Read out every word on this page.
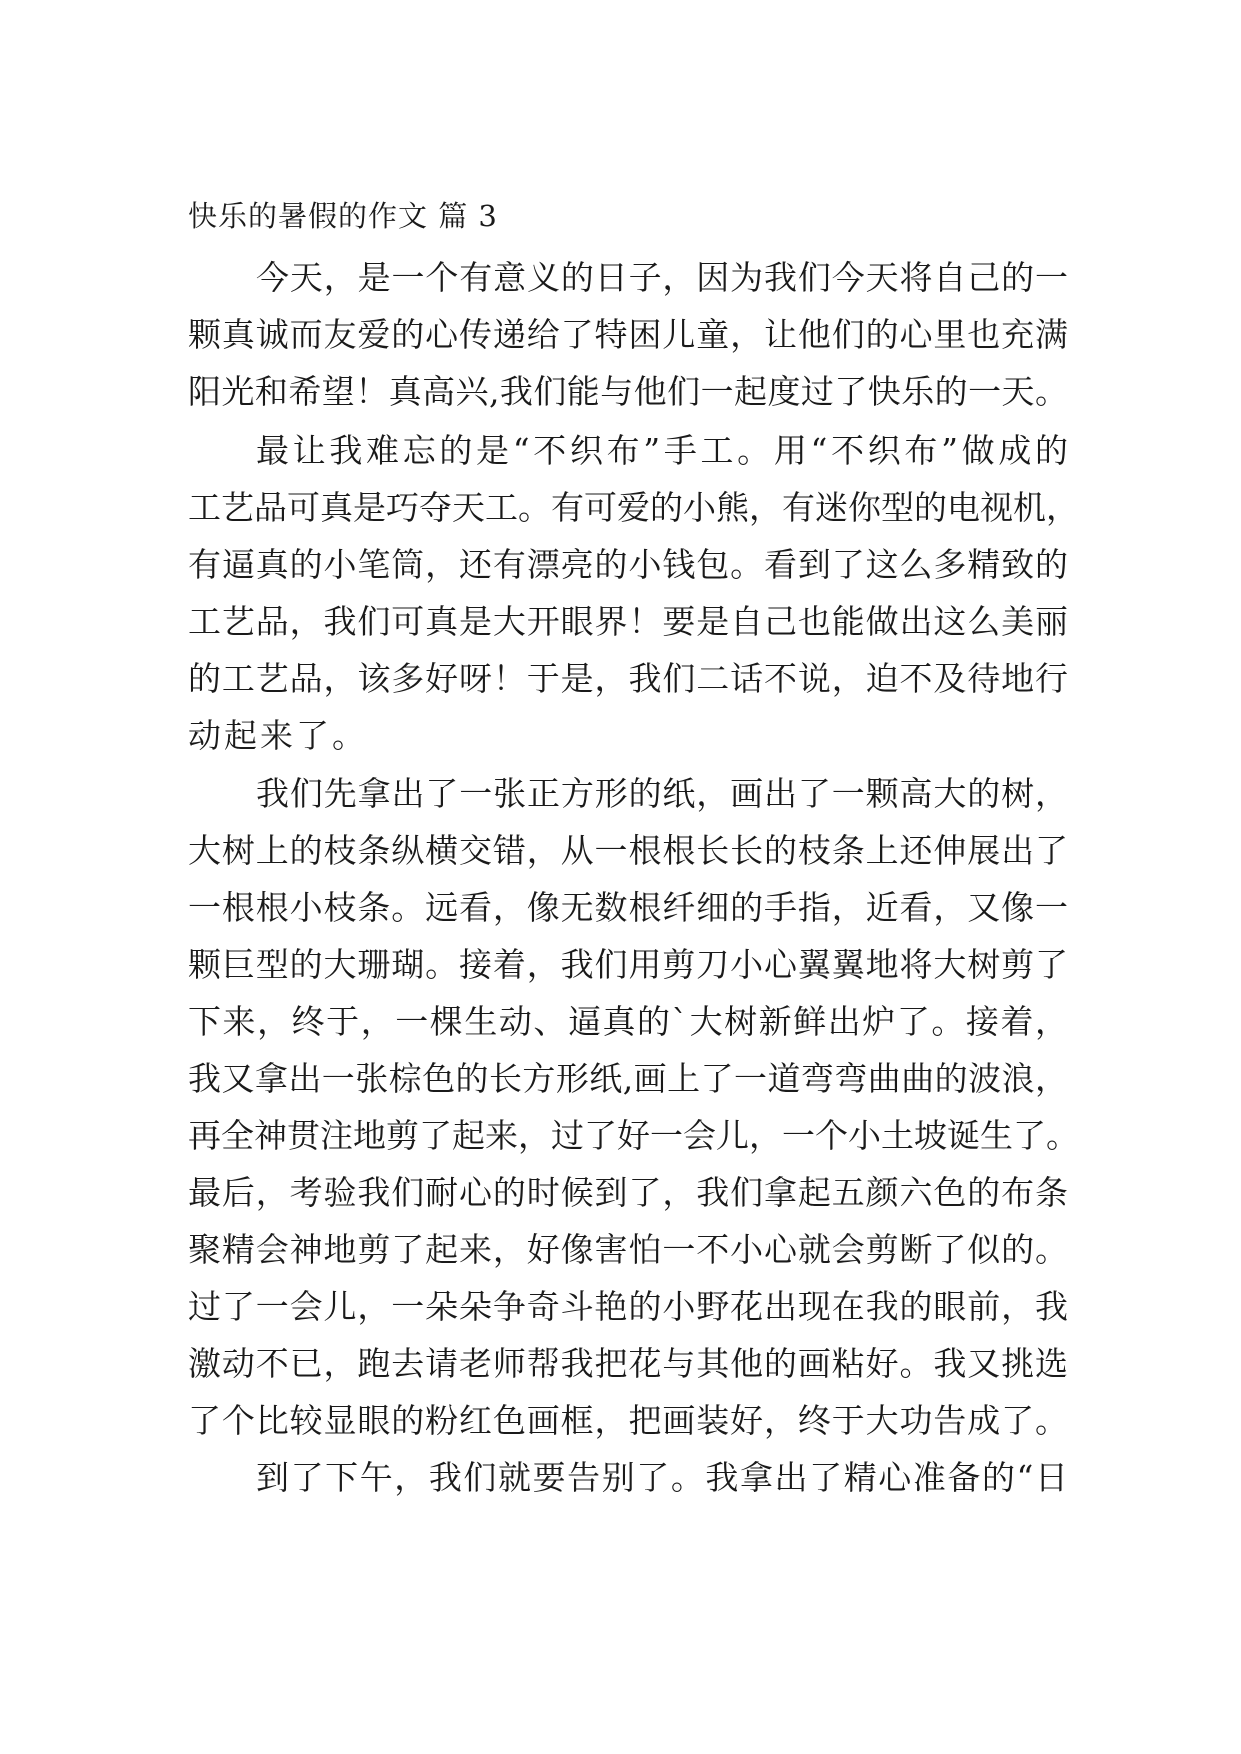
快乐的暑假的作文 篇 3
今天，是一个有意义的日子，因为我们今天将自己的一
颗真诚而友爱的心传递给了特困儿童，让他们的心里也充满
阳光和希望！真高兴,我们能与他们一起度过了快乐的一天。
最让我难忘的是“不织布”手工。用“不织布”做成的
工艺品可真是巧夺天工。有可爱的小熊，有迷你型的电视机，
有逼真的小笔筒，还有漂亮的小钱包。看到了这么多精致的
工艺品，我们可真是大开眼界！要是自己也能做出这么美丽
的工艺品，该多好呀！于是，我们二话不说，迫不及待地行
动起来了。
我们先拿出了一张正方形的纸，画出了一颗高大的树，
大树上的枝条纵横交错，从一根根长长的枝条上还伸展出了
一根根小枝条。远看，像无数根纤细的手指，近看，又像一
颗巨型的大珊瑚。接着，我们用剪刀小心翼翼地将大树剪了
下来，终于，一棵生动、逼真的`大树新鲜出炉了。接着，
我又拿出一张棕色的长方形纸,画上了一道弯弯曲曲的波浪，
再全神贯注地剪了起来，过了好一会儿，一个小土坡诞生了。
最后，考验我们耐心的时候到了，我们拿起五颜六色的布条
聚精会神地剪了起来，好像害怕一不小心就会剪断了似的。
过了一会儿，一朵朵争奇斗艳的小野花出现在我的眼前，我
激动不已，跑去请老师帮我把花与其他的画粘好。我又挑选
了个比较显眼的粉红色画框，把画装好，终于大功告成了。
到了下午，我们就要告别了。我拿出了精心准备的“日
